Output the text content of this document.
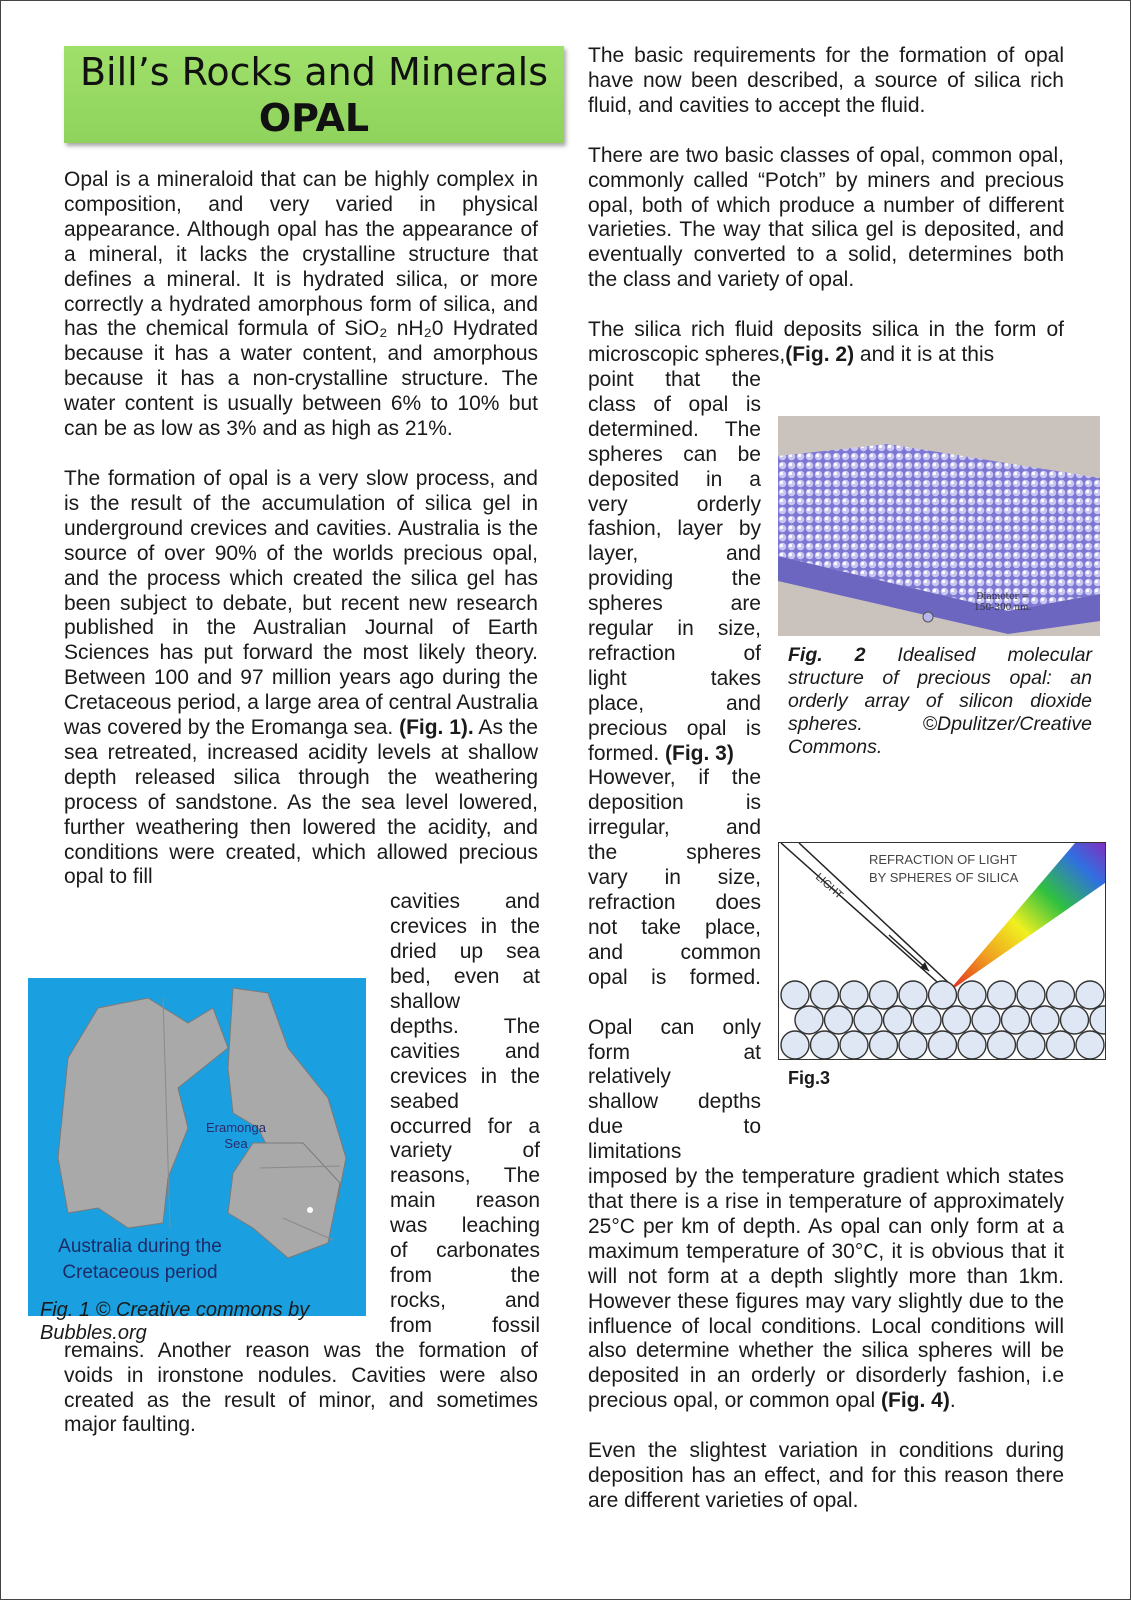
Bill’s Rocks and Minerals
OPAL

Opal is a mineraloid that can be highly complex in composition, and very varied in physical appearance. Although opal has the appearance of a mineral, it lacks the crystalline structure that defines a mineral. It is hydrated silica, or more correctly a hydrated amorphous form of silica, and has the chemical formula of SiO₂ nH₂0 Hydrated because it has a water content, and amorphous because it has a non-crystalline structure. The water content is usually between 6% to 10% but can be as low as 3% and as high as 21%.

The formation of opal is a very slow process, and is the result of the accumulation of silica gel in underground crevices and cavities. Australia is the source of over 90% of the worlds precious opal, and the process which created the silica gel has been subject to debate, but recent new research published in the Australian Journal of Earth Sciences has put forward the most likely theory. Between 100 and 97 million years ago during the Cretaceous period, a large area of central Australia was covered by the Eromanga sea. (Fig. 1). As the sea retreated, increased acidity levels at shallow depth released silica through the weathering process of sandstone. As the sea level lowered, further weathering then lowered the acidity, and conditions were created, which allowed precious opal to fill

cavities and
crevices in the
dried up sea
bed, even at
shallow
depths. The
cavities and
crevices in the
seabed
occurred for a
variety of
reasons, The
main reason
was leaching
of carbonates
from the
rocks, and
from fossil

remains. Another reason was the formation of voids in ironstone nodules. Cavities were also created as the result of minor, and sometimes major faulting.

Eramonga
Sea
Australia during the
Cretaceous period
Fig. 1 © Creative commons by Bubbles.org

The basic requirements for the formation of opal have now been described, a source of silica rich fluid, and cavities to accept the fluid.

There are two basic classes of opal, common opal, commonly called “Potch” by miners and precious opal, both of which produce a number of different varieties. The way that silica gel is deposited, and eventually converted to a solid, determines both the class and variety of opal.

The silica rich fluid deposits silica in the form of microscopic spheres,(Fig. 2) and it is at this

point that the
class of opal is
determined. The
spheres can be
deposited in a
very orderly
fashion, layer by
layer, and
providing the
spheres are
regular in size,
refraction of
light takes
place, and
precious opal is
formed. (Fig. 3)
However, if the
deposition is
irregular, and
the spheres
vary in size,
refraction does
not take place,
and common
opal is formed.
Opal can only
form at
relatively
shallow depths
due to
limitations

imposed by the temperature gradient which states that there is a rise in temperature of approximately 25°C per km of depth. As opal can only form at a maximum temperature of 30°C, it is obvious that it will not form at a depth slightly more than 1km. However these figures may vary slightly due to the influence of local conditions. Local conditions will also determine whether the silica spheres will be deposited in an orderly or disorderly fashion, i.e precious opal, or common opal (Fig. 4).

Even the slightest variation in conditions during deposition has an effect, and for this reason there are different varieties of opal.

Diameter =
150-300 nm.
Fig. 2 Idealised molecular structure of precious opal: an orderly array of silicon dioxide spheres. ©Dpulitzer/Creative Commons.
REFRACTION OF LIGHT
BY SPHERES OF SILICA
LIGHT
Fig.3
